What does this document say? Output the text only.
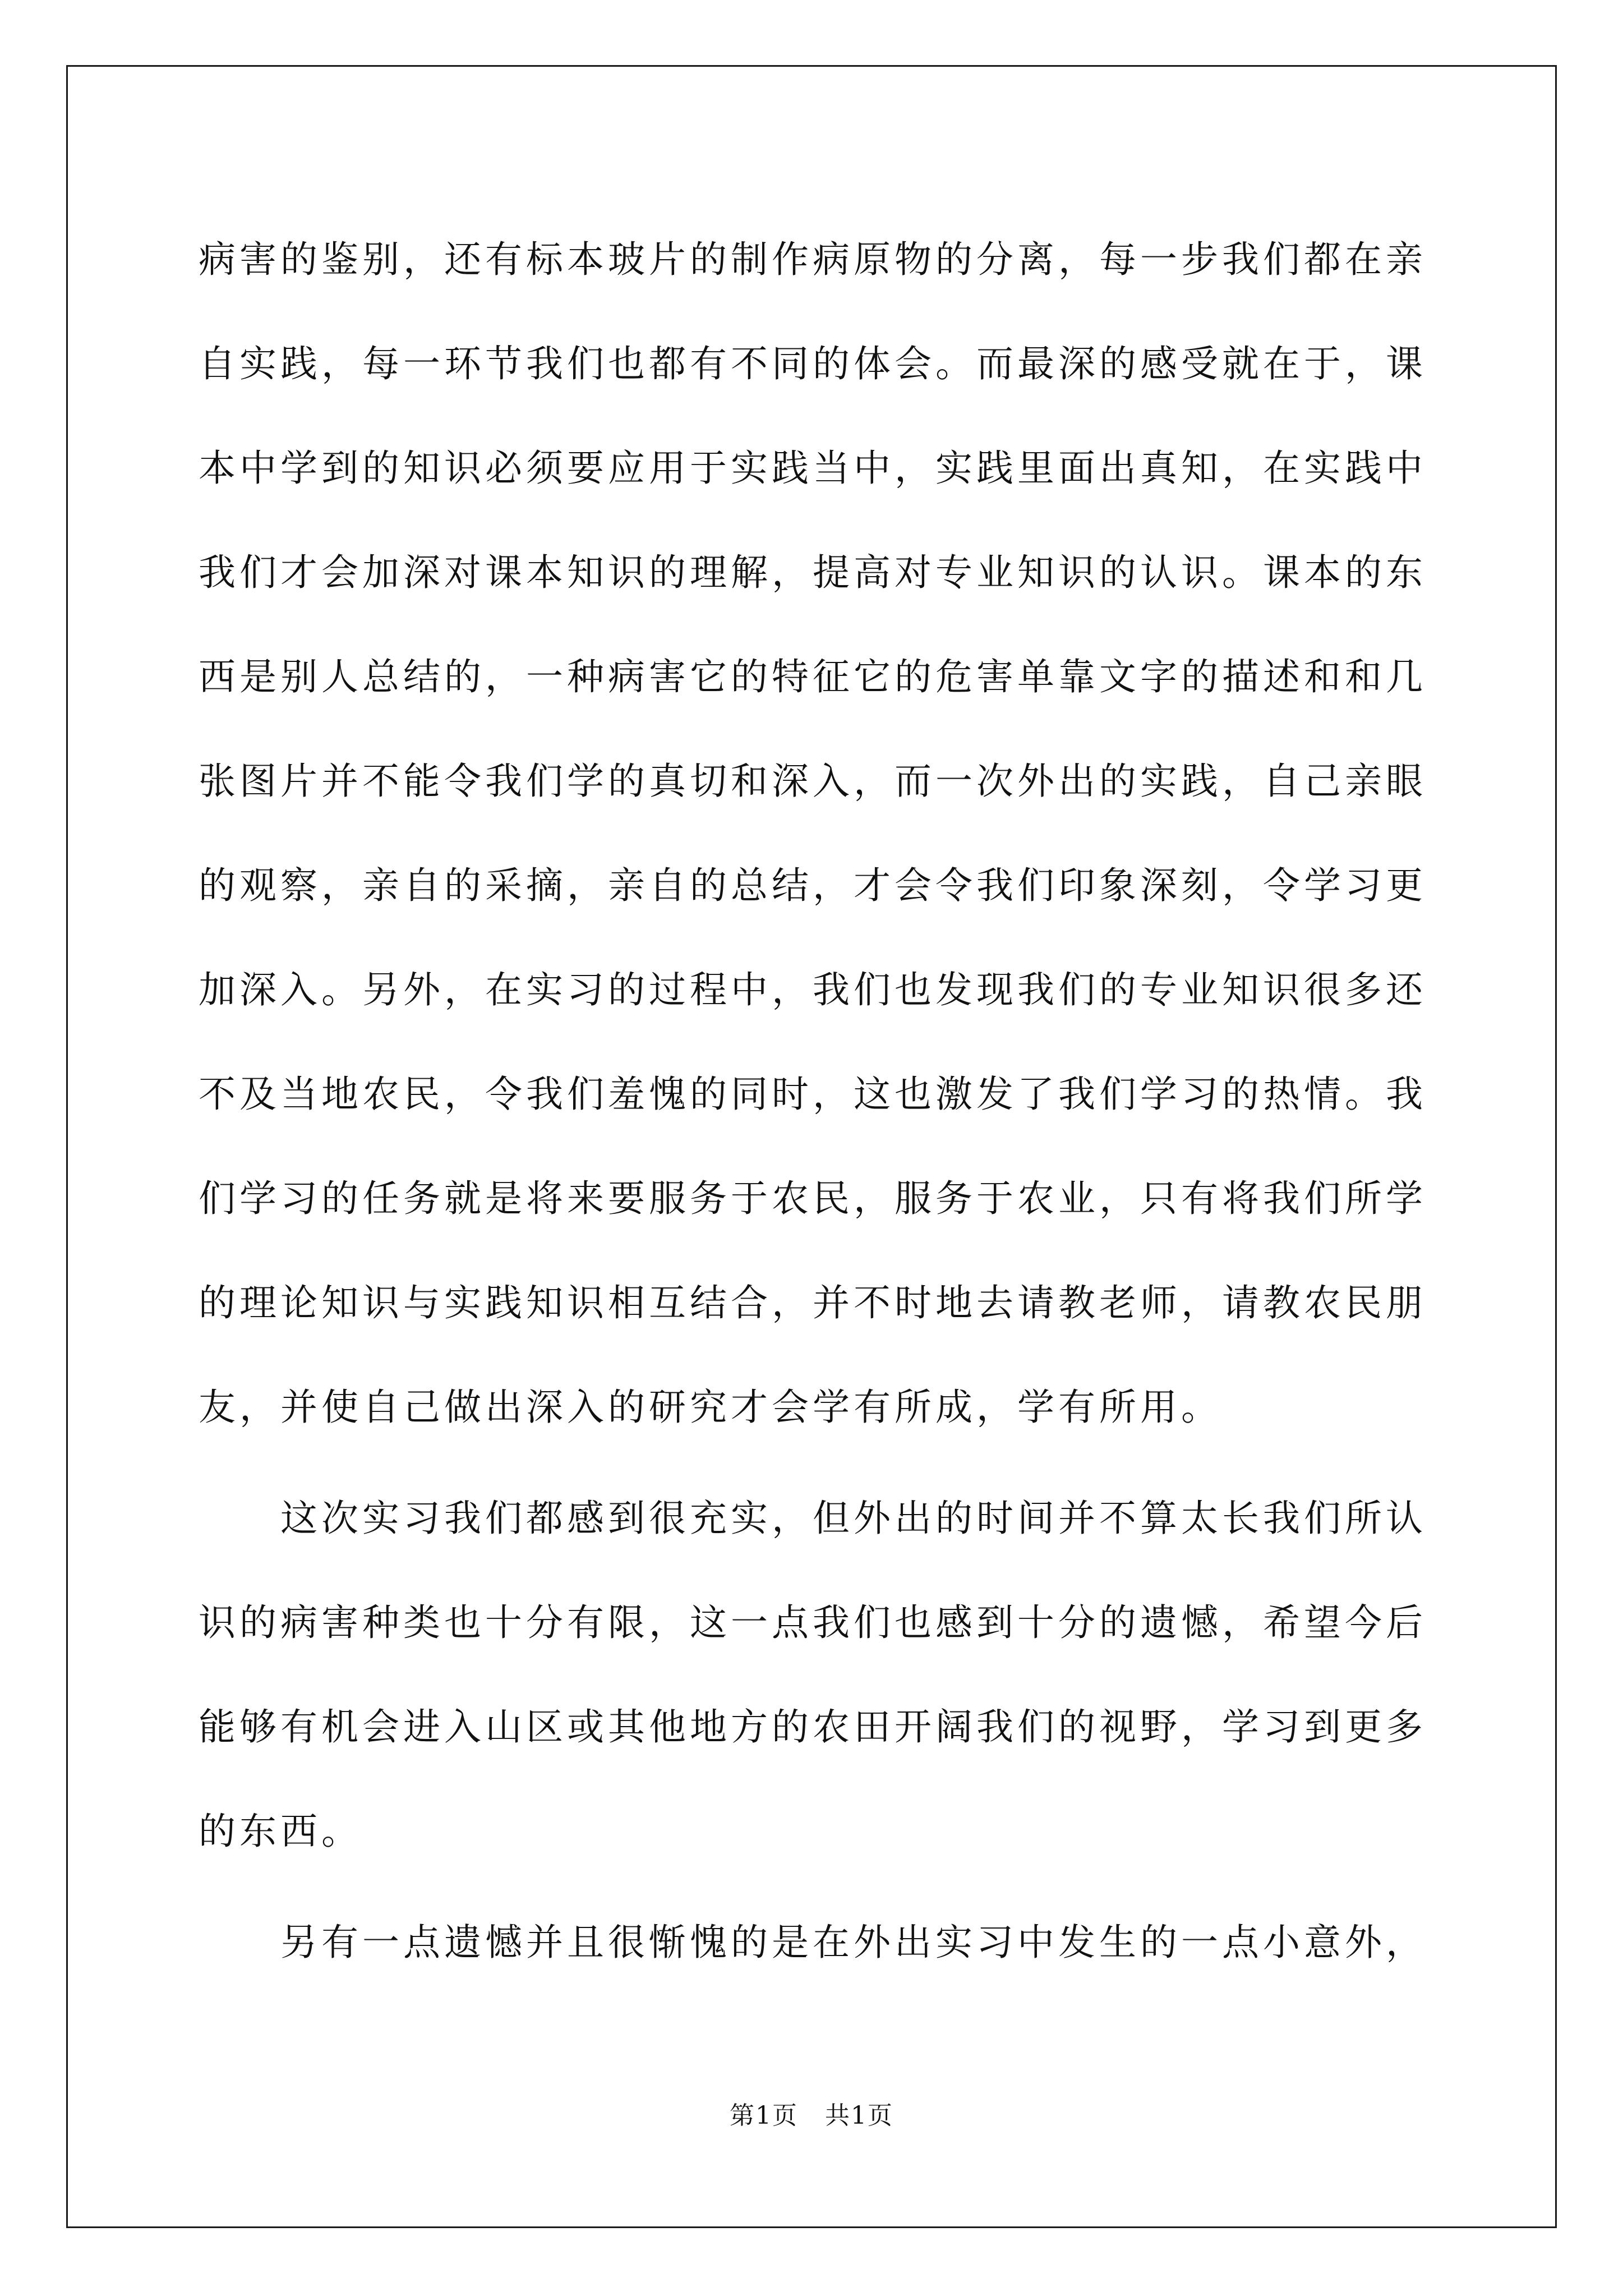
病害的鉴别，还有标本玻片的制作病原物的分离，每一步我们都在亲
自实践，每一环节我们也都有不同的体会。而最深的感受就在于，课
本中学到的知识必须要应用于实践当中，实践里面出真知，在实践中
我们才会加深对课本知识的理解，提高对专业知识的认识。课本的东
西是别人总结的，一种病害它的特征它的危害单靠文字的描述和和几
张图片并不能令我们学的真切和深入，而一次外出的实践，自己亲眼
的观察，亲自的采摘，亲自的总结，才会令我们印象深刻，令学习更
加深入。另外，在实习的过程中，我们也发现我们的专业知识很多还
不及当地农民，令我们羞愧的同时，这也激发了我们学习的热情。我
们学习的任务就是将来要服务于农民，服务于农业，只有将我们所学
的理论知识与实践知识相互结合，并不时地去请教老师，请教农民朋
友，并使自己做出深入的研究才会学有所成，学有所用。
　　这次实习我们都感到很充实，但外出的时间并不算太长我们所认
识的病害种类也十分有限，这一点我们也感到十分的遗憾，希望今后
能够有机会进入山区或其他地方的农田开阔我们的视野，学习到更多
的东西。
　　另有一点遗憾并且很惭愧的是在外出实习中发生的一点小意外，
第1页 共1页
